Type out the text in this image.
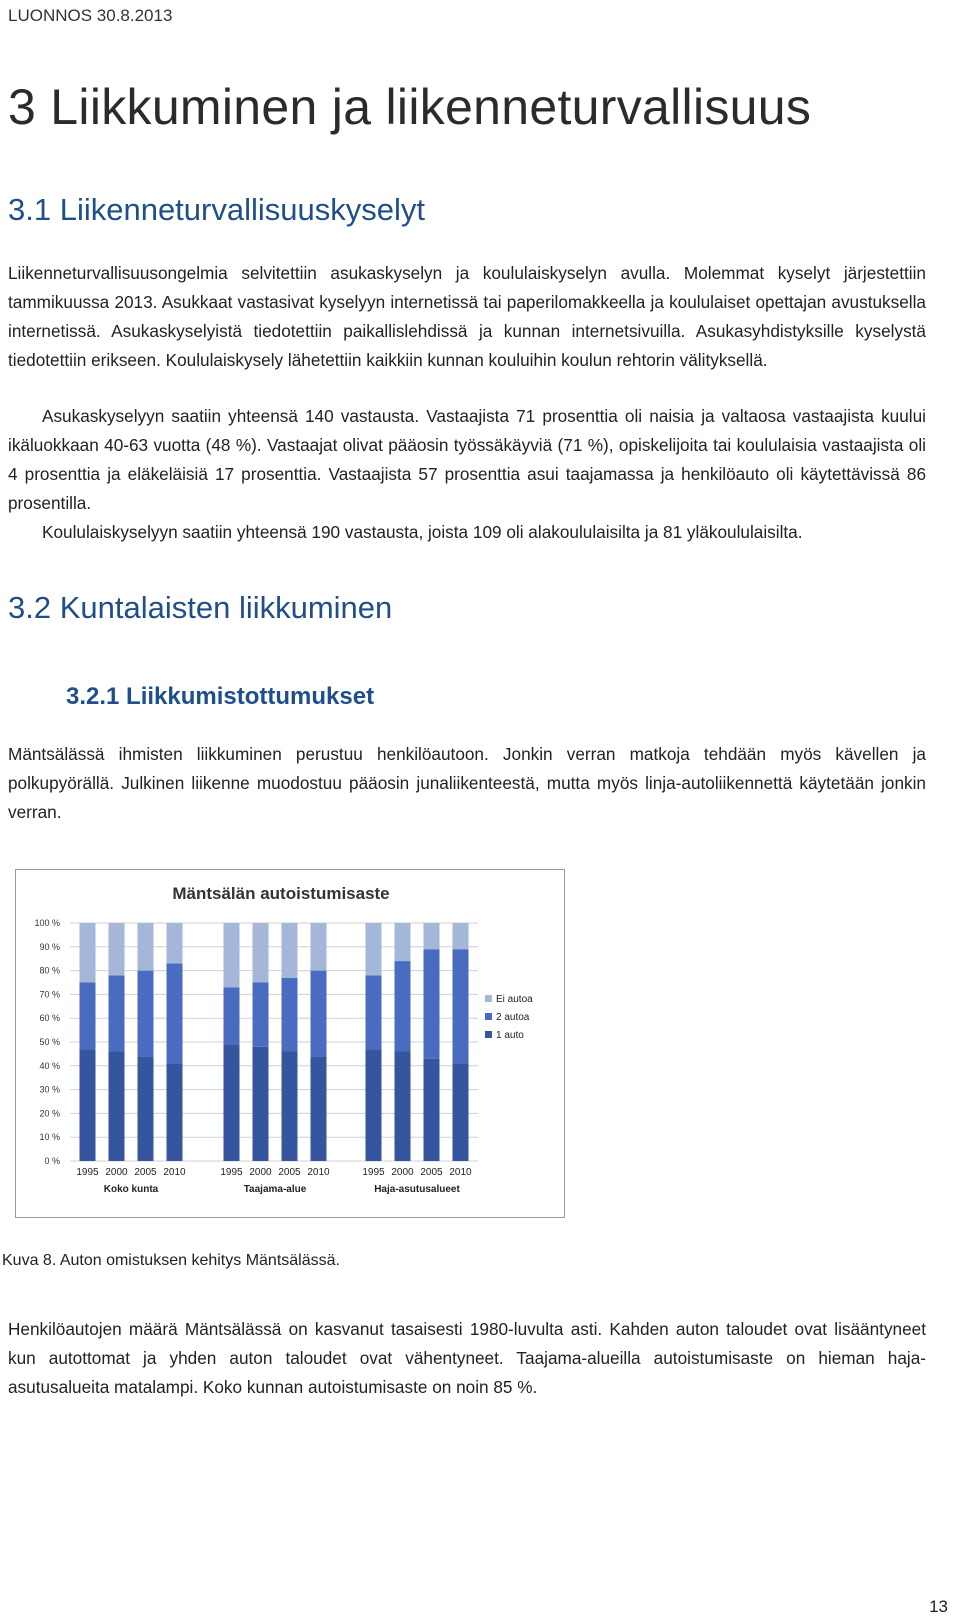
LUONNOS 30.8.2013
3 Liikkuminen ja liikenneturvallisuus
3.1 Liikenneturvallisuuskyselyt

Liikenneturvallisuusongelmia selvitettiin asukaskyselyn ja koululaiskyselyn avulla. Molemmat kyselyt järjestettiin tammikuussa 2013. Asukkaat vastasivat kyselyyn internetissä tai paperilomakkeella ja koululaiset opettajan avustuksella internetissä. Asukaskyselyistä tiedotettiin paikallislehdissä ja kunnan internetsivuilla. Asukasyhdistyksille kyselystä tiedotettiin erikseen. Koululaiskysely lähetettiin kaikkiin kunnan kouluihin koulun rehtorin välityksellä.

Asukaskyselyyn saatiin yhteensä 140 vastausta. Vastaajista 71 prosenttia oli naisia ja valtaosa vastaajista kuului ikäluokkaan 40-63 vuotta (48 %). Vastaajat olivat pääosin työssäkäyviä (71 %), opiskelijoita tai koululaisia vastaajista oli 4 prosenttia ja eläkeläisiä 17 prosenttia. Vastaajista 57 prosenttia asui taajamassa ja henkilöauto oli käytettävissä 86 prosentilla.

Koululaiskyselyyn saatiin yhteensä 190 vastausta, joista 109 oli alakoululaisilta ja 81 yläkoululaisilta.

3.2 Kuntalaisten liikkuminen
3.2.1 Liikkumistottumukset

Mäntsälässä ihmisten liikkuminen perustuu henkilöautoon. Jonkin verran matkoja tehdään myös kävellen ja polkupyörällä. Julkinen liikenne muodostuu pääosin junaliikenteestä, mutta myös linja-autoliikennettä käytetään jonkin verran.

Mäntsälän autoistumisaste
0 %
10 %
20 %
30 %
40 %
50 %
60 %
70 %
80 %
90 %
100 %
1995 2000 2005 2010
Koko kunta
1995 2000 2005 2010
Taajama-alue
1995 2000 2005 2010
Haja-asutusalueet
Ei autoa
2 autoa
1 auto
Kuva 8. Auton omistuksen kehitys Mäntsälässä.

Henkilöautojen määrä Mäntsälässä on kasvanut tasaisesti 1980-luvulta asti. Kahden auton taloudet ovat lisääntyneet kun autottomat ja yhden auton taloudet ovat vähentyneet. Taajama-alueilla autoistumisaste on hieman haja-asutusalueita matalampi. Koko kunnan autoistumisaste on noin 85 %.

13
